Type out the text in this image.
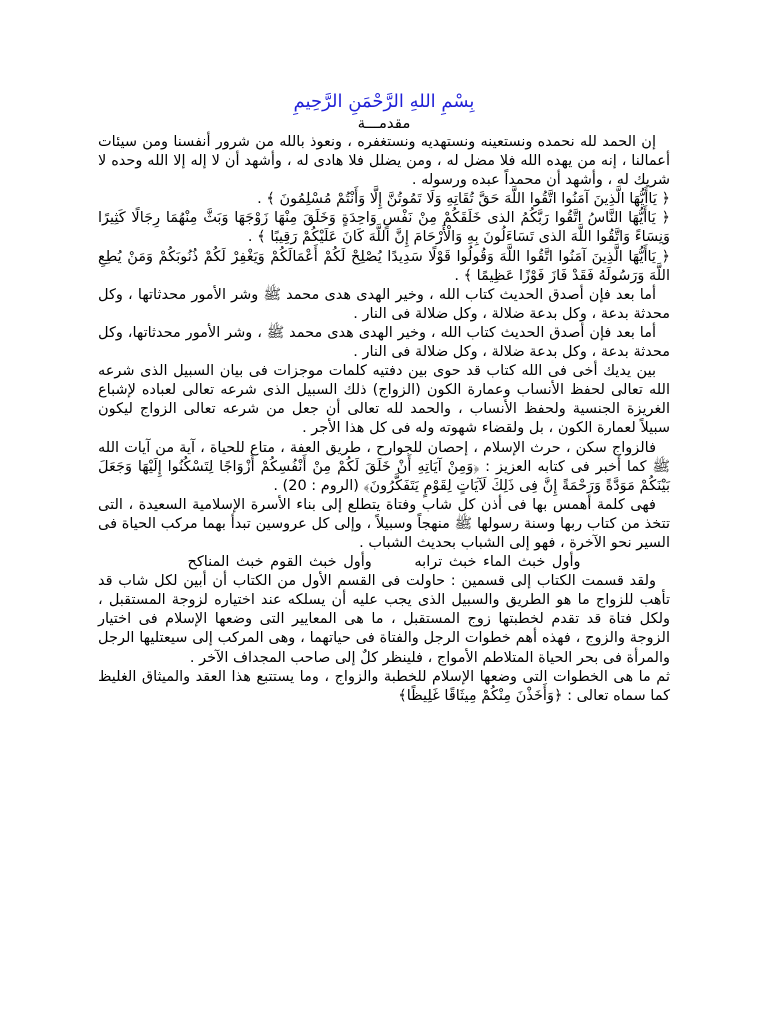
بِسْمِ اللهِ الرَّحْمَنِ الرَّحِيمِ
مقدمـــة

إن الحمد لله نحمده ونستعينه ونستهديه ونستغفره ، ونعوذ بالله من شرور أنفسنا ومن سيئات أعمالنا ، إنه من يهده الله فلا مضل له ، ومن يضلل فلا هادى له ، وأشهد أن لا إله إلا الله وحده لا شريك له ، وأشهد أن محمداً عبده ورسوله .

﴿ يَاأَيُّهَا الَّذِينَ آمَنُوا اتَّقُوا اللَّهَ حَقَّ تُقَاتِهِ وَلَا تَمُوتُنَّ إِلَّا وَأَنْتُمْ مُسْلِمُونَ ﴾ .

﴿ يَاأَيُّهَا النَّاسُ اتَّقُوا رَبَّكُمُ الذى خَلَقَكُمْ مِنْ نَفْسٍ وَاحِدَةٍ وَخَلَقَ مِنْهَا زَوْجَهَا وَبَثَّ مِنْهُمَا رِجَالًا كَثِيرًا وَنِسَاءً وَاتَّقُوا اللَّهَ الذى تَسَاءَلُونَ بِهِ وَالْأَرْحَامَ إِنَّ اللَّهَ كَانَ عَلَيْكُمْ رَقِيبًا ﴾ .

﴿ يَاأَيُّهَا الَّذِينَ آمَنُوا اتَّقُوا اللَّهَ وَقُولُوا قَوْلًا سَدِيدًا يُصْلِحْ لَكُمْ أَعْمَالَكُمْ وَيَغْفِرْ لَكُمْ ذُنُوبَكُمْ وَمَنْ يُطِعِ اللَّهَ وَرَسُولَهُ فَقَدْ فَازَ فَوْزًا عَظِيمًا ﴾ .

أما بعد فإن أصدق الحديث كتاب الله ، وخير الهدى هدى محمد ﷺ وشر الأمور محدثاتها ، وكل محدثة بدعة ، وكل بدعة ضلالة ، وكل ضلالة فى النار .

أما بعد فإن أصدق الحديث كتاب الله ، وخير الهدى هدى محمد ﷺ ، وشر الأمور محدثاتها، وكل محدثة بدعة ، وكل بدعة ضلالة ، وكل ضلالة فى النار .

بين يديك أخى فى الله كتاب قد حوى بين دفتيه كلمات موجزات فى بيان السبيل الذى شرعه الله تعالى لحفظ الأنساب وعمارة الكون (الزواج) ذلك السبيل الذى شرعه تعالى لعباده لإشباع الغريزة الجنسية ولحفظ الأنساب ، والحمد لله تعالى أن جعل من شرعه تعالى الزواج ليكون سبيلاً لعمارة الكون ، بل ولقضاء شهوته وله فى كل هذا الأجر .

فالزواج سكن ، حرث الإسلام ، إحصان للجوارح ، طريق العفة ، متاع للحياة ، آية من آيات الله ﷺ كما أخبر فى كتابه العزيز : ﴿وَمِنْ آيَاتِهِ أَنْ خَلَقَ لَكُمْ مِنْ أَنْفُسِكُمْ أَزْوَاجًا لِتَسْكُنُوا إِلَيْهَا وَجَعَلَ بَيْنَكُمْ مَوَدَّةً وَرَحْمَةً إِنَّ فِى ذَلِكَ لَآيَاتٍ لِقَوْمٍ يَتَفَكَّرُونَ﴾ (الروم : 20) .

فهى كلمة أهمس بها فى أذن كل شاب وفتاة يتطلع إلى بناء الأسرة الإسلامية السعيدة ، التى تتخذ من كتاب ربها وسنة رسولها ﷺ منهجاً وسبيلاً ، وإلى كل عروسين تبدأ بهما مركب الحياة فى السير نحو الآخرة ، فهو إلى الشباب بحديث الشباب .

وأول خبث الماء خبث ترابه وأول خبث القوم خبث المناكح

ولقد قسمت الكتاب إلى قسمين : حاولت فى القسم الأول من الكتاب أن أبين لكل شاب قد تأهب للزواج ما هو الطريق والسبيل الذى يجب عليه أن يسلكه عند اختياره لزوجة المستقبل ، ولكل فتاة قد تقدم لخطبتها زوج المستقبل ، ما هى المعايير التى وضعها الإسلام فى اختيار الزوجة والزوج ، فهذه أهم خطوات الرجل والفتاة فى حياتهما ، وهى المركب إلى سيعتليها الرجل والمرأة فى بحر الحياة المتلاطم الأمواج ، فلينظر كلٌ إلى صاحب المجداف الآخر .

ثم ما هى الخطوات التى وضعها الإسلام للخطبة والزواج ، وما يستتبع هذا العقد والميثاق الغليظ كما سماه تعالى : ﴿وَأَخَذْنَ مِنْكُمْ مِيثَاقًا غَلِيظًا﴾
